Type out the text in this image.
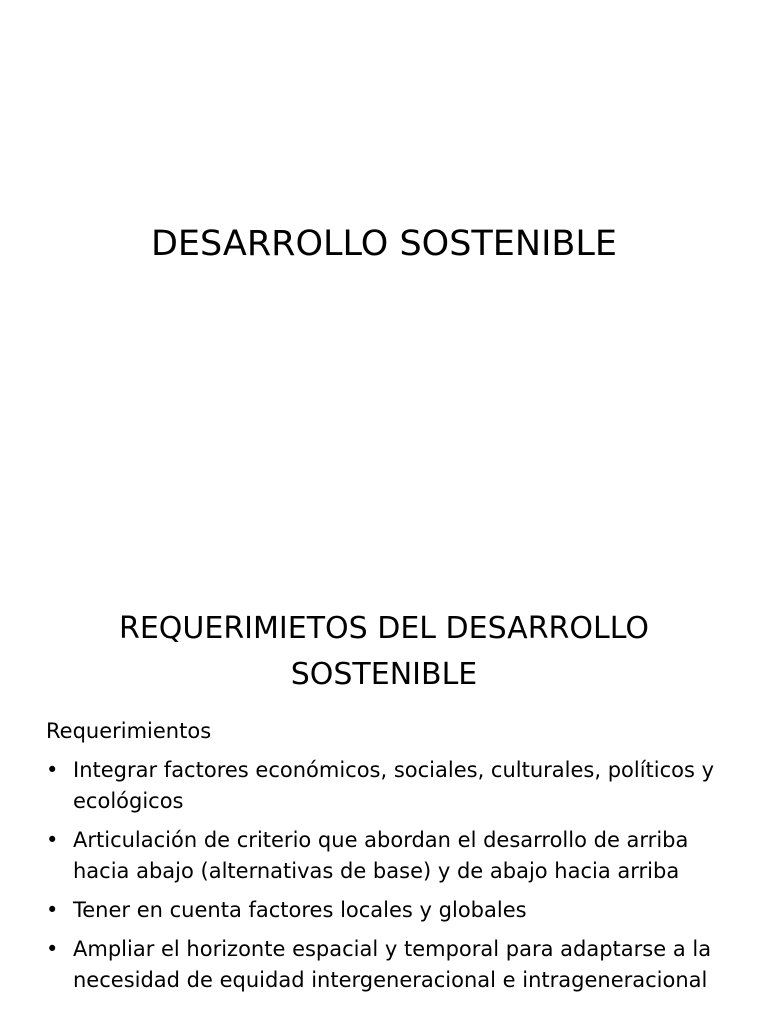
DESARROLLO SOSTENIBLE
REQUERIMIETOS DEL DESARROLLO SOSTENIBLE

Requerimientos

• Integrar factores económicos, sociales, culturales, políticos y ecológicos
• Articulación de criterio que abordan el desarrollo de arriba hacia abajo (alternativas de base) y de abajo hacia arriba
• Tener en cuenta factores locales y globales
• Ampliar el horizonte espacial y temporal para adaptarse a la necesidad de equidad intergeneracional e intrageneracional
